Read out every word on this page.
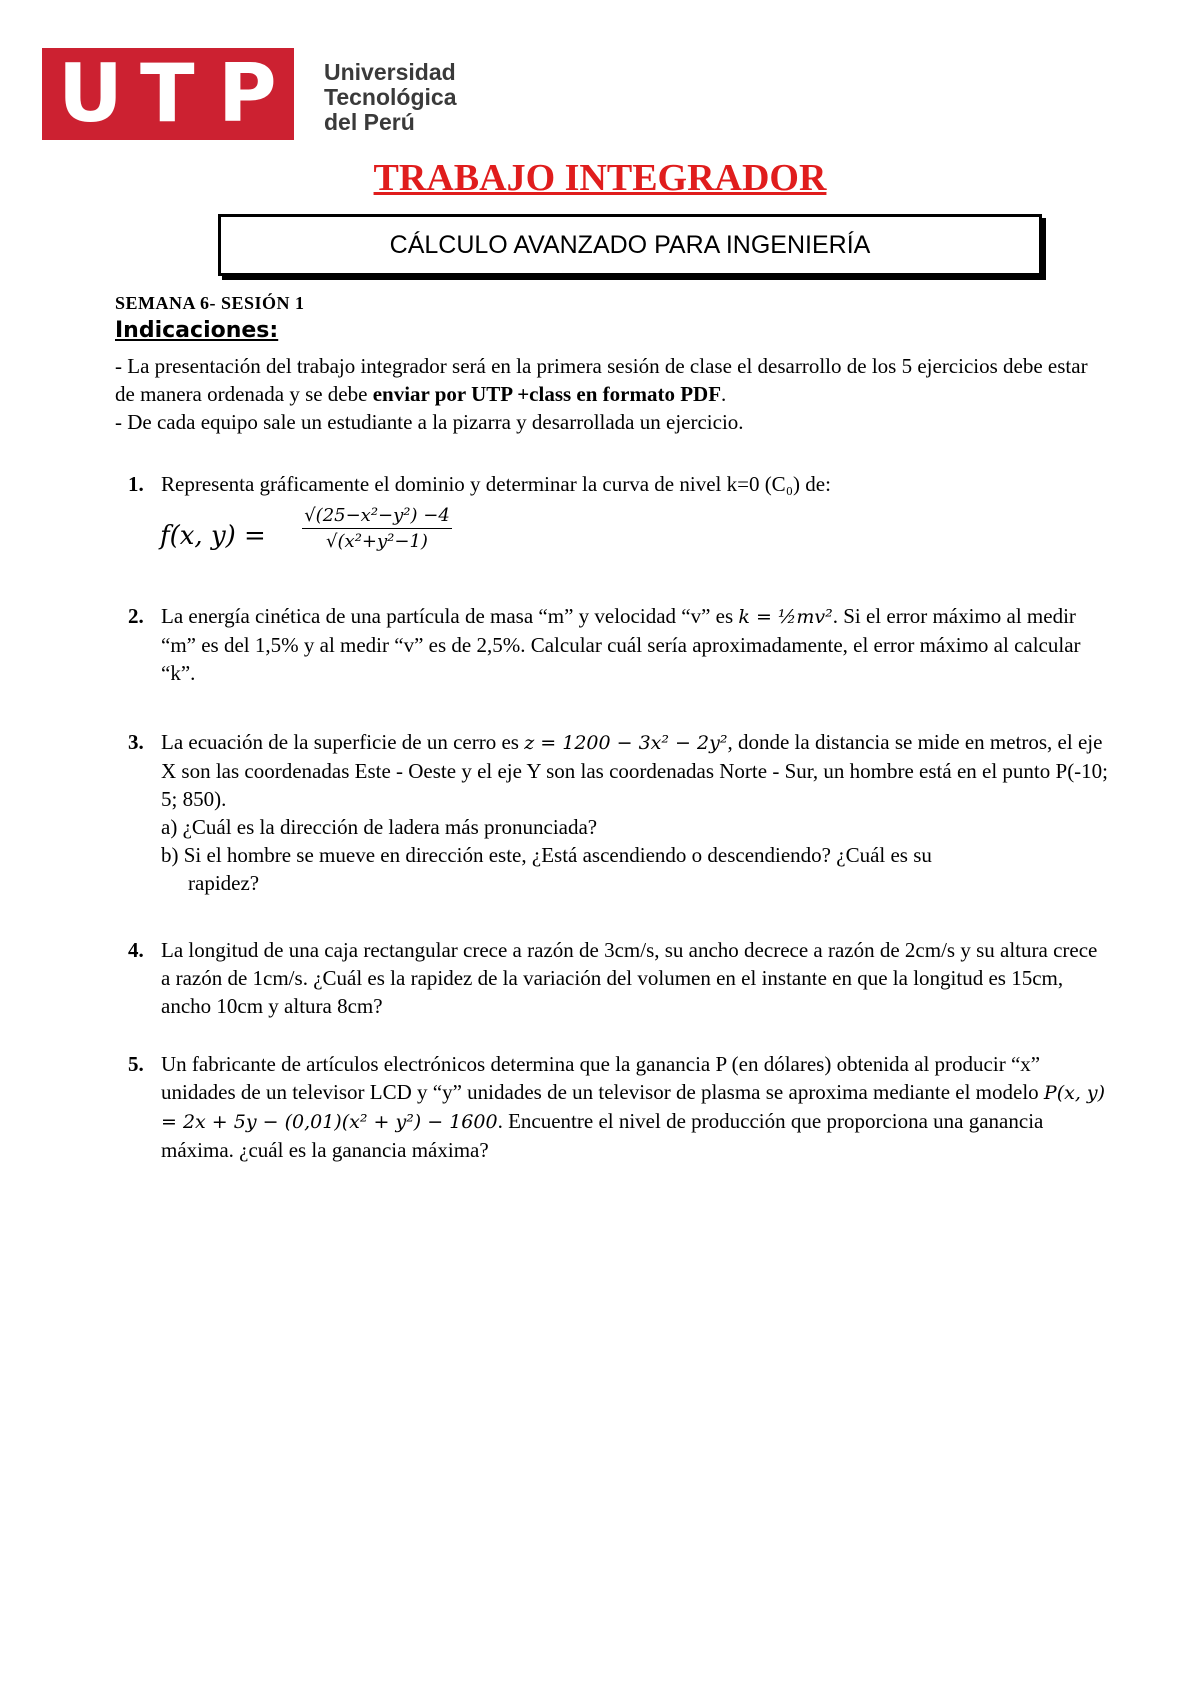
U T P Universidad
Tecnológica
del Perú
TRABAJO INTEGRADOR
CÁLCULO AVANZADO PARA INGENIERÍA
SEMANA 6- SESIÓN 1
Indicaciones:
- La presentación del trabajo integrador será en la primera sesión de clase el desarrollo de los 5 ejercicios debe estar de manera ordenada y se debe enviar por UTP +class en formato PDF.
- De cada equipo sale un estudiante a la pizarra y desarrollada un ejercicio.
1. Representa gráficamente el dominio y determinar la curva de nivel k=0 (C₀) de:
f(x, y) =
√(25−x²−y²) −4
√(x²+y²−1)
2. La energía cinética de una partícula de masa “m” y velocidad “v” es k = ½mv². Si el error máximo al medir “m” es del 1,5% y al medir “v” es de 2,5%. Calcular cuál sería aproximadamente, el error máximo al calcular “k”.
3. La ecuación de la superficie de un cerro es z = 1200 − 3x² − 2y², donde la distancia se mide en metros, el eje X son las coordenadas Este - Oeste y el eje Y son las coordenadas Norte - Sur, un hombre está en el punto P(-10; 5; 850).
a) ¿Cuál es la dirección de ladera más pronunciada?
b) Si el hombre se mueve en dirección este, ¿Está ascendiendo o descendiendo? ¿Cuál es su
rapidez?
4. La longitud de una caja rectangular crece a razón de 3cm/s, su ancho decrece a razón de 2cm/s y su altura crece a razón de 1cm/s. ¿Cuál es la rapidez de la variación del volumen en el instante en que la longitud es 15cm, ancho 10cm y altura 8cm?
5. Un fabricante de artículos electrónicos determina que la ganancia P (en dólares) obtenida al producir “x” unidades de un televisor LCD y “y” unidades de un televisor de plasma se aproxima mediante el modelo P(x, y) = 2x + 5y − (0,01)(x² + y²) − 1600. Encuentre el nivel de producción que proporciona una ganancia máxima. ¿cuál es la ganancia máxima?
